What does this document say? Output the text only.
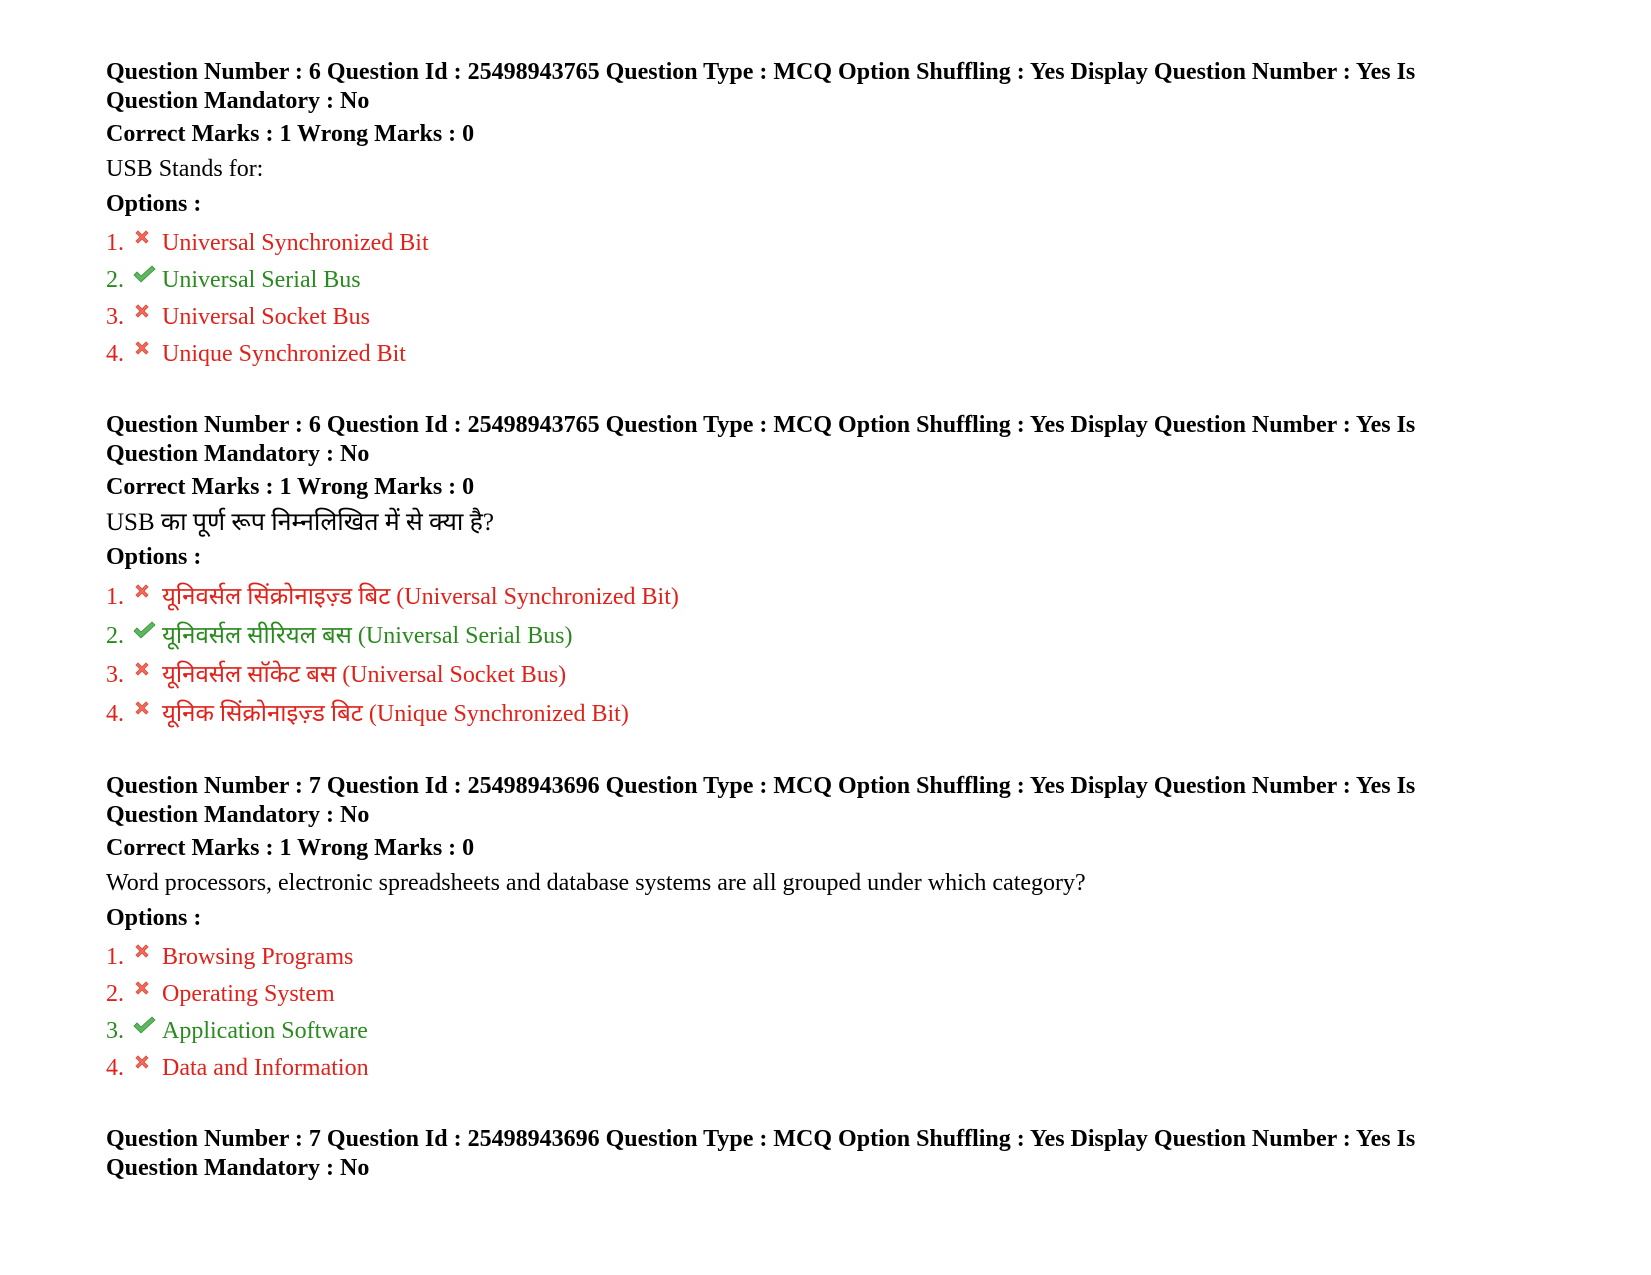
Question Number : 6 Question Id : 25498943765 Question Type : MCQ Option Shuffling : Yes Display Question Number : Yes Is
Question Mandatory : No
Correct Marks : 1 Wrong Marks : 0
USB Stands for:
Options :
1.	Universal Synchronized Bit
2.	Universal Serial Bus
3.	Universal Socket Bus
4.	Unique Synchronized Bit
Question Number : 6 Question Id : 25498943765 Question Type : MCQ Option Shuffling : Yes Display Question Number : Yes Is
Question Mandatory : No
Correct Marks : 1 Wrong Marks : 0
USB का पूर्ण रूप निम्नलिखित में से क्या है?
Options :
1.	यूनिवर्सल सिंक्रोनाइज़्ड बिट (Universal Synchronized Bit)
2.	यूनिवर्सल सीरियल बस (Universal Serial Bus)
3.	यूनिवर्सल सॉकेट बस (Universal Socket Bus)
4.	यूनिक सिंक्रोनाइज़्ड बिट (Unique Synchronized Bit)
Question Number : 7 Question Id : 25498943696 Question Type : MCQ Option Shuffling : Yes Display Question Number : Yes Is
Question Mandatory : No
Correct Marks : 1 Wrong Marks : 0
Word processors, electronic spreadsheets and database systems are all grouped under which category?
Options :
1.	Browsing Programs
2.	Operating System
3.	Application Software
4.	Data and Information
Question Number : 7 Question Id : 25498943696 Question Type : MCQ Option Shuffling : Yes Display Question Number : Yes Is
Question Mandatory : No
